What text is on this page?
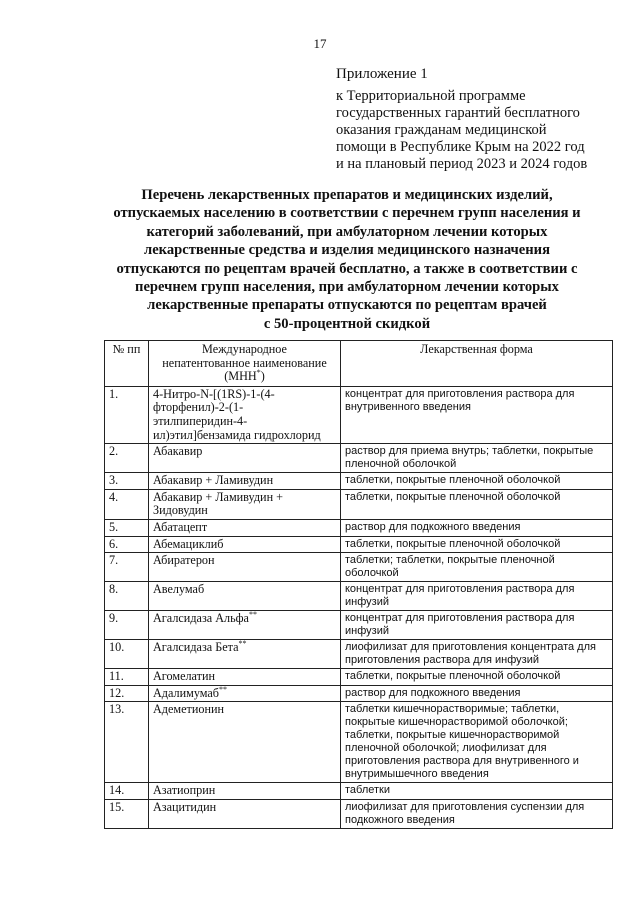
17
Приложение 1
к Территориальной программе
государственных гарантий бесплатного
оказания гражданам медицинской
помощи в Республике Крым на 2022 год
и на плановый период 2023 и 2024 годов
Перечень лекарственных препаратов и медицинских изделий,
отпускаемых населению в соответствии с перечнем групп населения и
категорий заболеваний, при амбулаторном лечении которых
лекарственные средства и изделия медицинского назначения
отпускаются по рецептам врачей бесплатно, а также в соответствии с
перечнем групп населения, при амбулаторном лечении которых
лекарственные препараты отпускаются по рецептам врачей
с 50-процентной скидкой
№ пп	Международное
непатентованное наименование
(МНН*)	Лекарственная форма
1.	4-Нитро-N-[(1RS)-1-(4-
фторфенил)-2-(1-
этилпиперидин-4-
ил)этил]бензамида гидрохлорид	концентрат для приготовления раствора для внутривенного введения
2.	Абакавир	раствор для приема внутрь; таблетки, покрытые пленочной оболочкой
3.	Абакавир + Ламивудин	таблетки, покрытые пленочной оболочкой
4.	Абакавир + Ламивудин +
Зидовудин	таблетки, покрытые пленочной оболочкой
5.	Абатацепт	раствор для подкожного введения
6.	Абемациклиб	таблетки, покрытые пленочной оболочкой
7.	Абиратерон	таблетки; таблетки, покрытые пленочной оболочкой
8.	Авелумаб	концентрат для приготовления раствора для инфузий
9.	Агалсидаза Альфа**	концентрат для приготовления раствора для инфузий
10.	Агалсидаза Бета**	лиофилизат для приготовления концентрата для приготовления раствора для инфузий
11.	Агомелатин	таблетки, покрытые пленочной оболочкой
12.	Адалимумаб**	раствор для подкожного введения
13.	Адеметионин	таблетки кишечнорастворимые; таблетки, покрытые кишечнорастворимой оболочкой; таблетки, покрытые кишечнорастворимой пленочной оболочкой; лиофилизат для приготовления раствора для внутривенного и внутримышечного введения
14.	Азатиоприн	таблетки
15.	Азацитидин	лиофилизат для приготовления суспензии для подкожного введения
